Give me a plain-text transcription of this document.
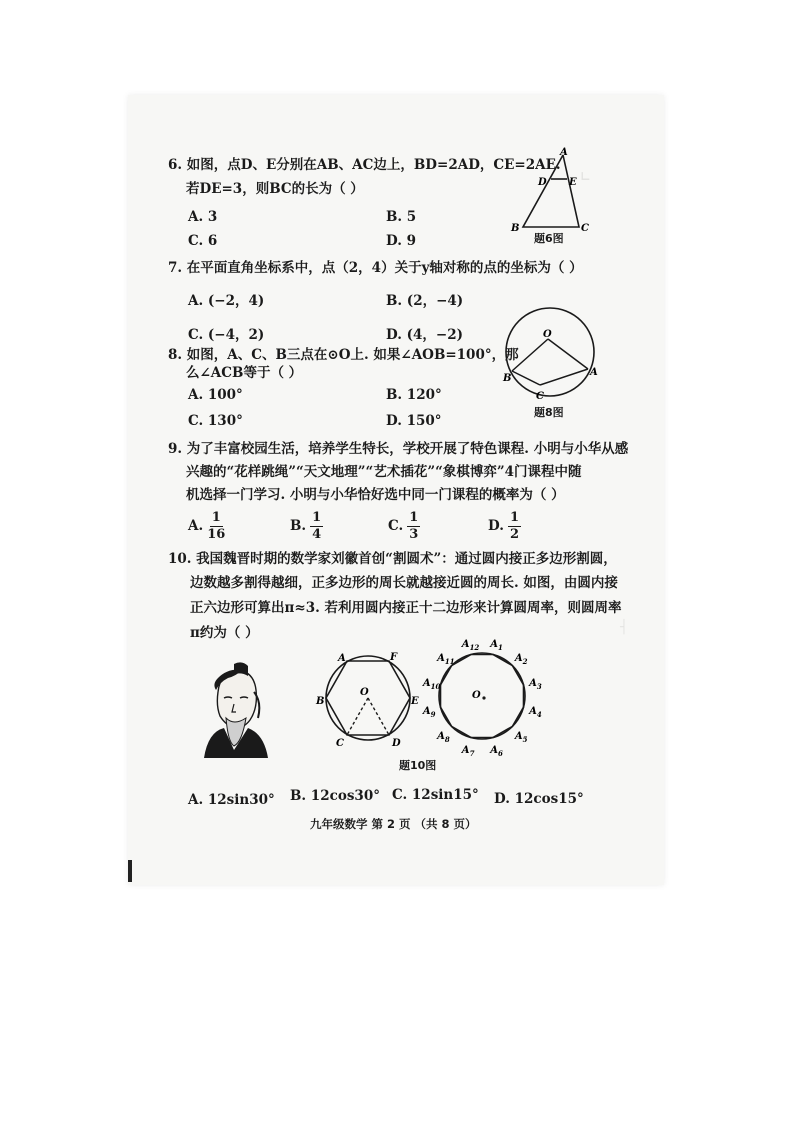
∟
┤
6. 如图，点D、E分别在AB、AC边上，BD=2AD，CE=2AE.
若DE=3，则BC的长为（ ）
A. 3	B. 5
C. 6	D. 9
A
D E
B	C
题6图
7. 在平面直角坐标系中，点（2，4）关于y轴对称的点的坐标为（ ）
A. (−2，4)	B. (2，−4)
C. (−4，2)	D. (4，−2)
8. 如图，A、C、B三点在⊙O上. 如果∠AOB=100°，那
么∠ACB等于（ ）
A. 100°	B. 120°
C. 130°	D. 150°
O
A
B
C
题8图
9. 为了丰富校园生活，培养学生特长，学校开展了特色课程. 小明与小华从感
兴趣的“花样跳绳”“天文地理”“艺术插花”“象棋博弈”4门课程中随
机选择一门学习. 小明与小华恰好选中同一门课程的概率为（ ）
A. $\frac{1}{16}$	B. $\frac{1}{4}$	C. $\frac{1}{3}$	D. $\frac{1}{2}$
10. 我国魏晋时期的数学家刘徽首创“割圆术”：通过圆内接正多边形割圆，
边数越多割得越细，正多边形的周长就越接近圆的周长. 如图，由圆内接
正六边形可算出π≈3. 若利用圆内接正十二边形来计算圆周率，则圆周率
π约为（ ）
A	F
B	E
C	D
O	O
$A_1$
$A_2$
$A_3$
$A_4$
$A_5$
$A_6$
$A_7$
$A_8$
$A_9$
$A_{10}$
$A_{11}$
$A_{12}$
题10图
A. 12sin30° B. 12cos30° C. 12sin15° D. 12cos15°
九年级数学 第 2 页 （共 8 页）
